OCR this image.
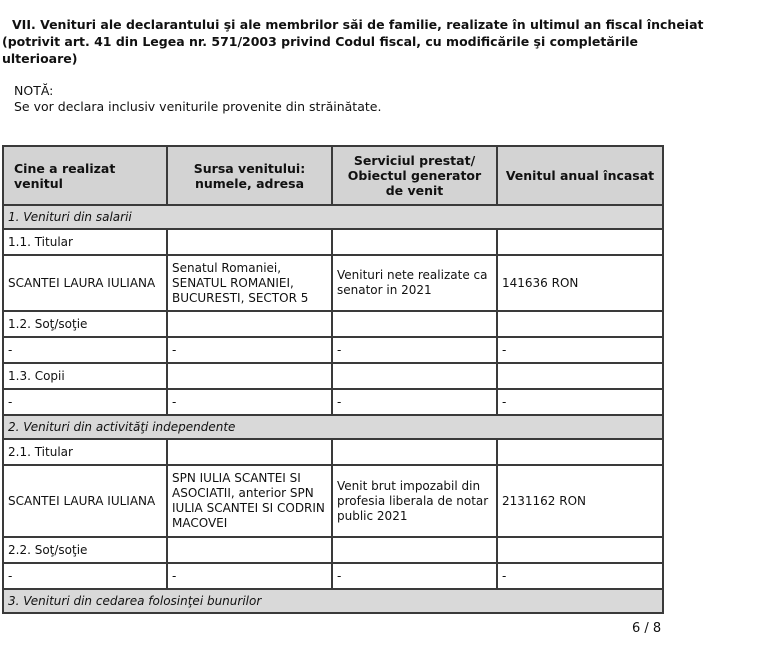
VII. Venituri ale declarantului şi ale membrilor săi de familie, realizate în ultimul an fiscal încheiat
(potrivit art. 41 din Legea nr. 571/2003 privind Codul fiscal, cu modificările şi completările
ulterioare)
NOTĂ:
Se vor declara inclusiv veniturile provenite din străinătate.
Cine a realizat venitul	Sursa venitului: numele, adresa	Serviciul prestat/ Obiectul generator de venit	Venitul anual încasat
1. Venituri din salarii			
1.1. Titular			
SCANTEI LAURA IULIANA	Senatul Romaniei, SENATUL ROMANIEI, BUCURESTI, SECTOR 5	Venituri nete realizate ca senator in 2021	141636 RON
1.2. Soţ/soţie			
-	-	-	-
1.3. Copii			
-	-	-	-
2. Venituri din activităţi independente			
2.1. Titular			
SCANTEI LAURA IULIANA	SPN IULIA SCANTEI SI ASOCIATII, anterior SPN IULIA SCANTEI SI CODRIN MACOVEI	Venit brut impozabil din profesia liberala de notar public 2021	2131162 RON
2.2. Soţ/soţie			
-	-	-	-
3. Venituri din cedarea folosinţei bunurilor			
6 / 8
